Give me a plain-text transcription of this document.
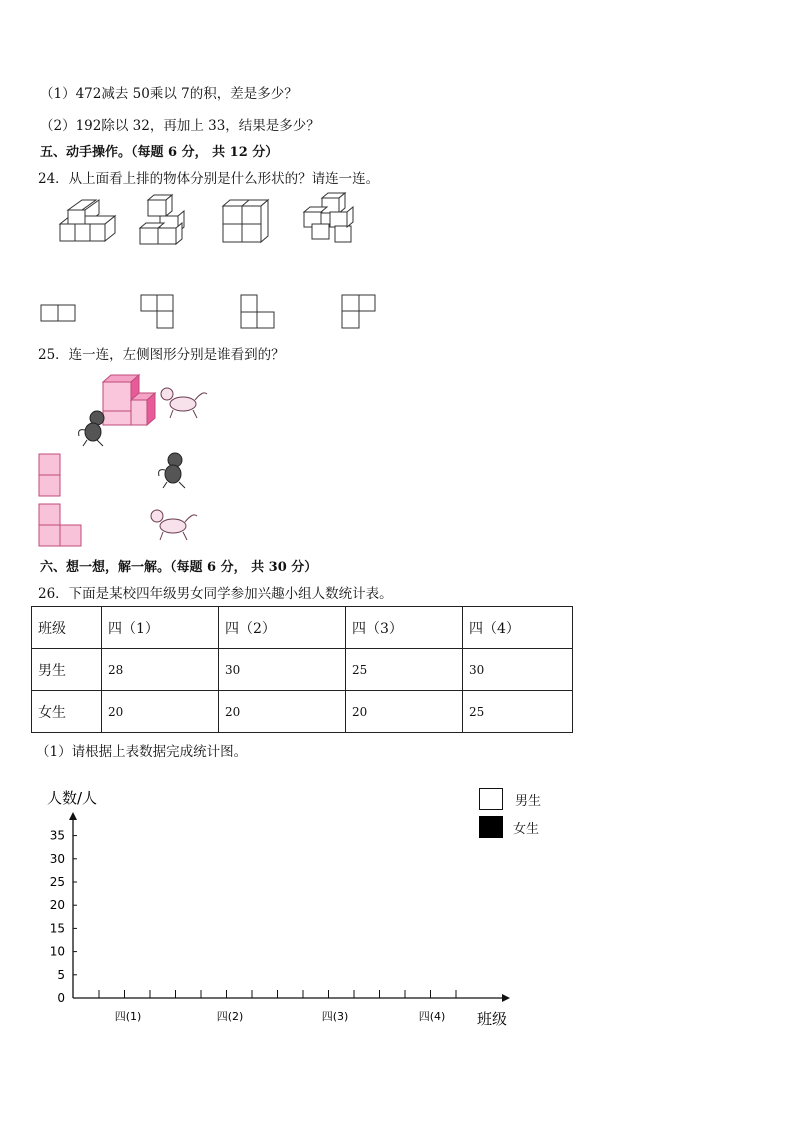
（1）472减去 50乘以 7的积，差是多少？
（2）192除以 32，再加上 33，结果是多少？
五、动手操作。（每题 6 分， 共 12 分）
24．从上面看上排的物体分别是什么形状的？请连一连。
25．连一连，左侧图形分别是谁看到的？
六、想一想，解一解。（每题 6 分， 共 30 分）
26．下面是某校四年级男女同学参加兴趣小组人数统计表。
班级	四（1）	四（2）	四（3）	四（4）
男生	28	30	25	30
女生	20	20	20	25
（1）请根据上表数据完成统计图。
人数/人
班级
0
5
10
15
20
25
30
35
四(1)	四(2)	四(3)	四(4)
男生
女生
